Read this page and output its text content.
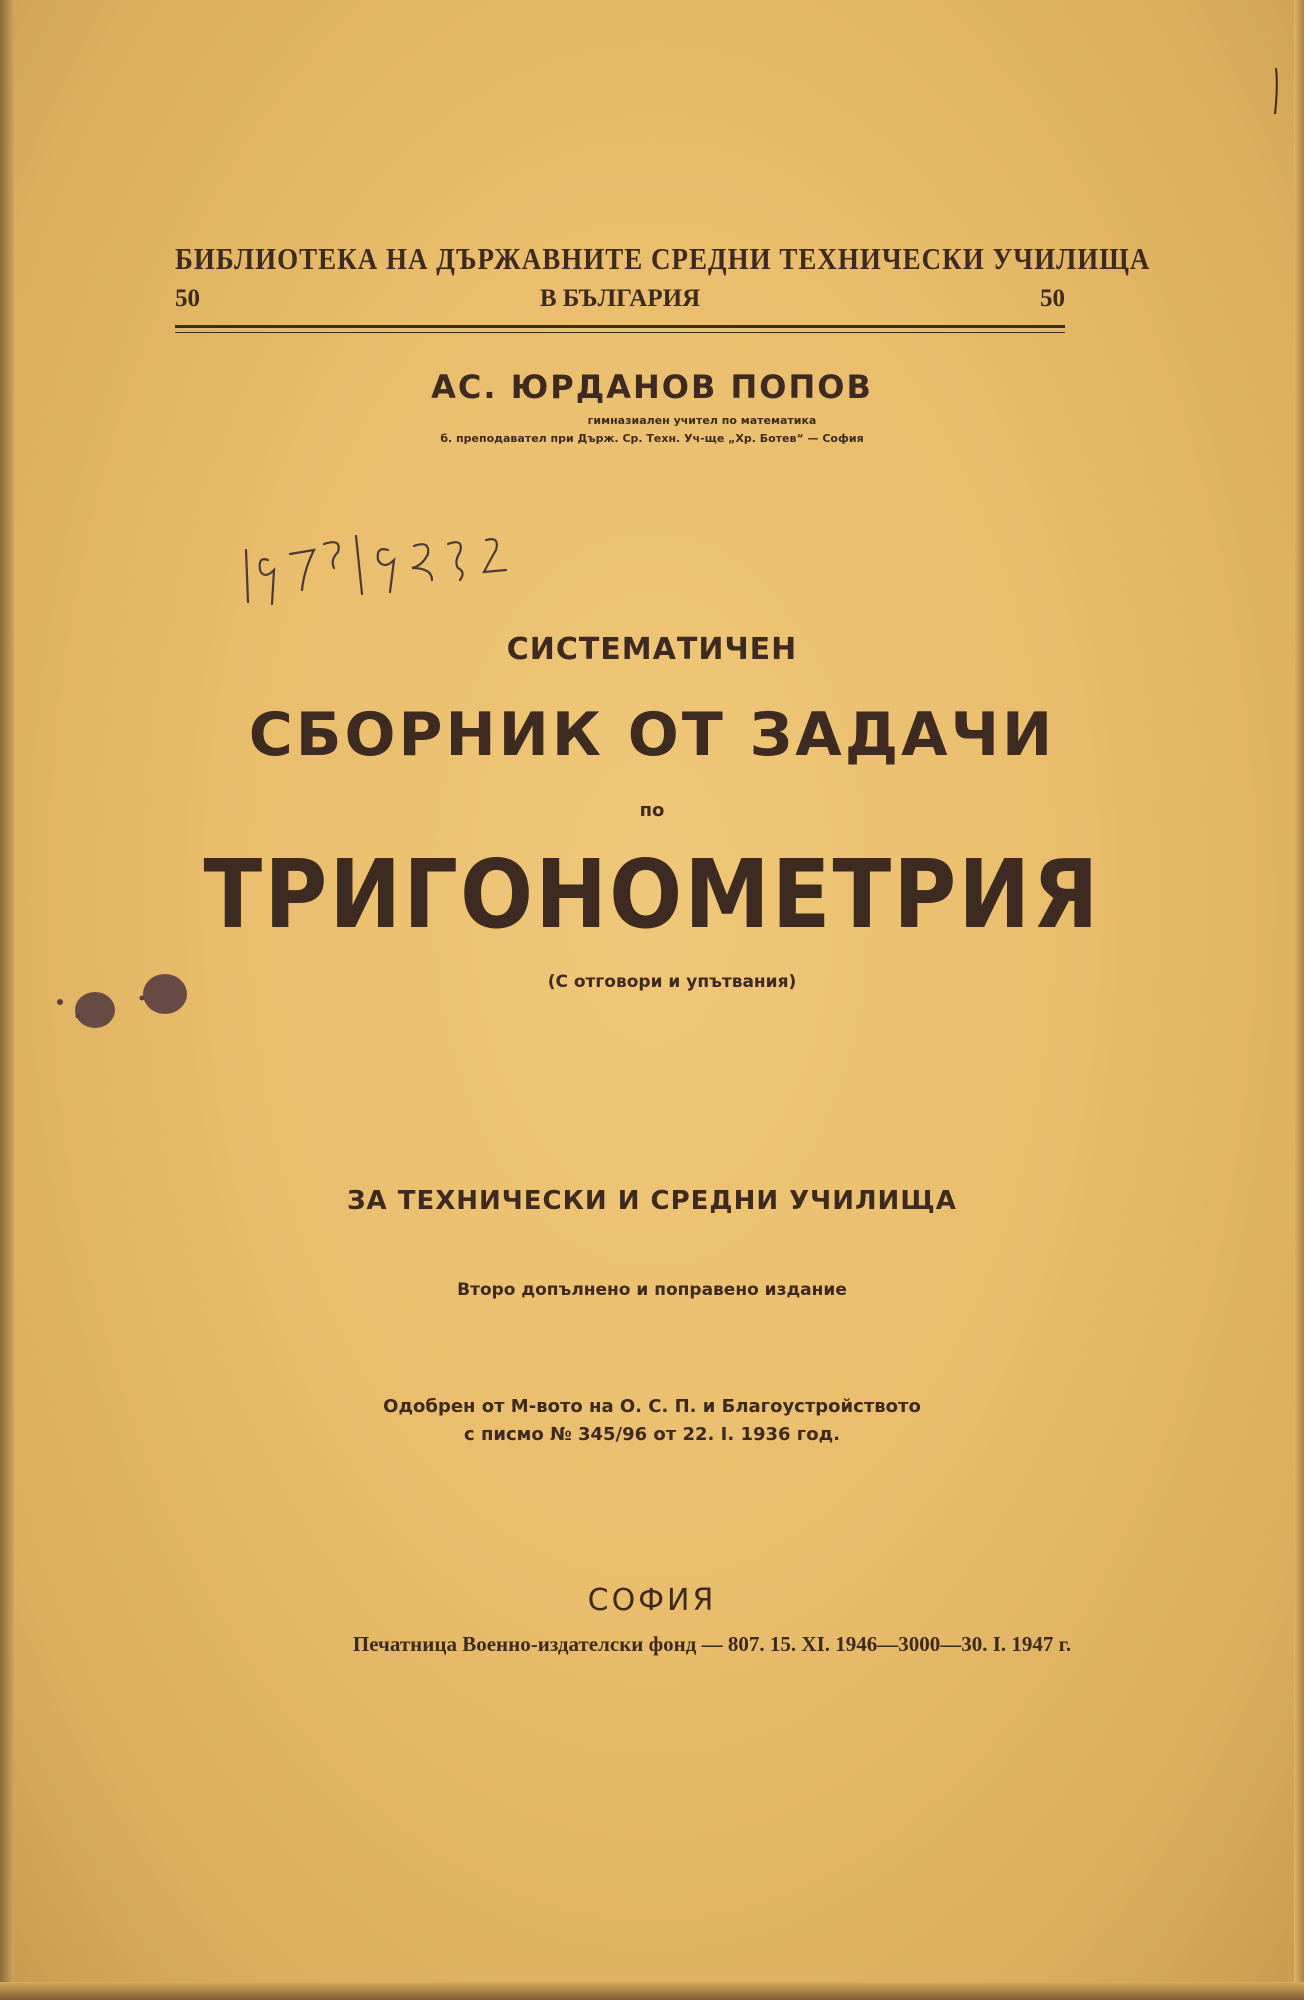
БИБЛИОТЕКА НА ДЪРЖАВНИТЕ СРЕДНИ ТЕХНИЧЕСКИ УЧИЛИЩА
50	В БЪЛГАРИЯ	50
АС. ЮРДАНОВ ПОПОВ
гимназиален учител по математика
б. преподавател при Държ. Ср. Техн. Уч-ще „Хр. Ботев“ — София
СИСТЕМАТИЧЕН
СБОРНИК ОТ ЗАДАЧИ
по
ТРИГОНОМЕТРИЯ
(С отговори и упътвания)
ЗА ТЕХНИЧЕСКИ И СРЕДНИ УЧИЛИЩА
Второ допълнено и поправено издание
Одобрен от М-вото на О. С. П. и Благоустройството
с писмо № 345/96 от 22. I. 1936 год.
СОФИЯ
Печатница Военно-издателски фонд — 807. 15. XI. 1946—3000—30. I. 1947 г.
